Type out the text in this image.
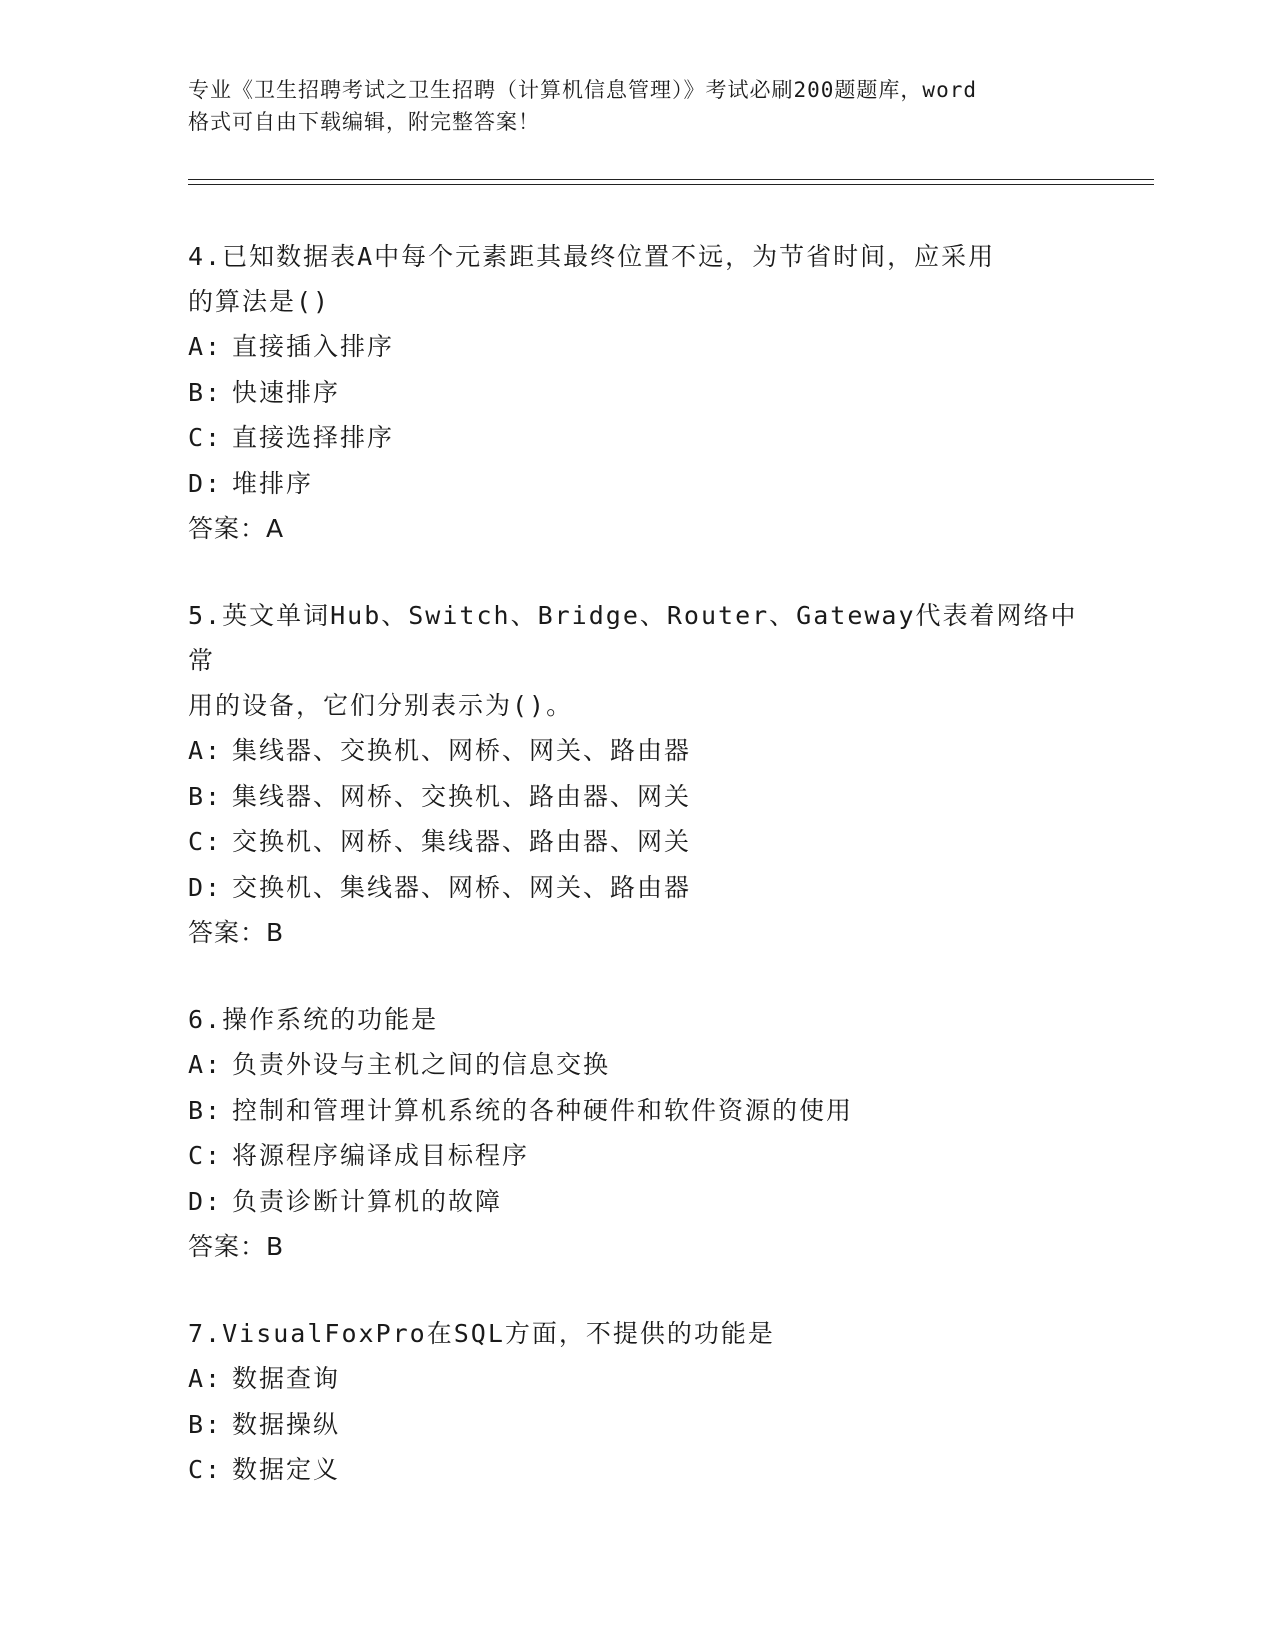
专业《卫生招聘考试之卫生招聘（计算机信息管理）》考试必刷200题题库，word
格式可自由下载编辑，附完整答案！

4.已知数据表A中每个元素距其最终位置不远，为节省时间，应采用

的算法是()

A: 直接插入排序

B: 快速排序

C: 直接选择排序

D: 堆排序

答案：A

5.英文单词Hub、Switch、Bridge、Router、Gateway代表着网络中常

用的设备，它们分别表示为()。

A: 集线器、交换机、网桥、网关、路由器

B: 集线器、网桥、交换机、路由器、网关

C: 交换机、网桥、集线器、路由器、网关

D: 交换机、集线器、网桥、网关、路由器

答案：B

6.操作系统的功能是

A: 负责外设与主机之间的信息交换

B: 控制和管理计算机系统的各种硬件和软件资源的使用

C: 将源程序编译成目标程序

D: 负责诊断计算机的故障

答案：B

7.VisualFoxPro在SQL方面，不提供的功能是

A: 数据查询

B: 数据操纵

C: 数据定义
